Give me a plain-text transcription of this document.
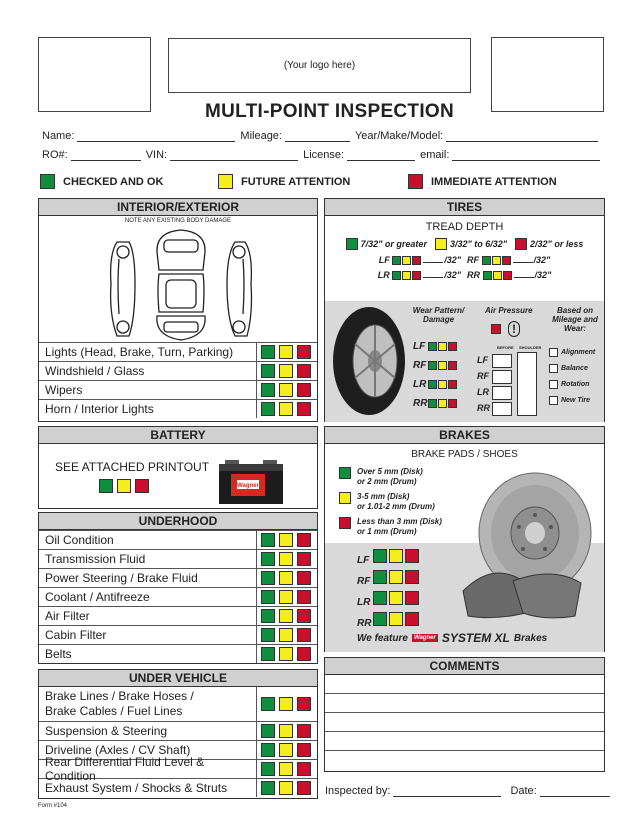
(Your logo here)
MULTI-POINT INSPECTION
Name:	Mileage:	Year/Make/Model:
RO#:	VIN:	License:	email:
CHECKED AND OK	FUTURE ATTENTION	IMMEDIATE ATTENTION
INTERIOR/EXTERIOR
NOTE ANY EXISTING BODY DAMAGE
Lights (Head, Brake, Turn, Parking)
Windshield / Glass
Wipers
Horn / Interior Lights
BATTERY
SEE ATTACHED PRINTOUT
Wagner
UNDERHOOD
Oil Condition
Transmission Fluid
Power Steering / Brake Fluid
Coolant / Antifreeze
Air Filter
Cabin Filter
Belts
UNDER VEHICLE
Brake Lines / Brake Hoses /
Brake Cables / Fuel Lines
Suspension & Steering
Driveline (Axles / CV Shaft)
Rear Differential Fluid Level & Condition
Exhaust System / Shocks & Struts
TIRES
TREAD DEPTH
7/32" or greater	3/32" to 6/32"	2/32" or less
LF	/32" RF	/32"
LR	/32" RR	/32"
Wear Pattern/ Damage
LF
RF
LR
RR
Air Pressure
!
BEFORE SHOULDER
LF
RF
LR
RR
Based on Mileage and Wear:
Alignment
Balance
Rotation
New Tire
BRAKES
BRAKE PADS / SHOES
Over 5 mm (Disk)
or 2 mm (Drum)
3-5 mm (Disk)
or 1.01-2 mm (Drum)
Less than 3 mm (Disk)
or 1 mm (Drum)
LF
RF
LR
RR
We feature	Wagner SYSTEM XL Brakes
COMMENTS
Inspected by:	Date:
Form #104
